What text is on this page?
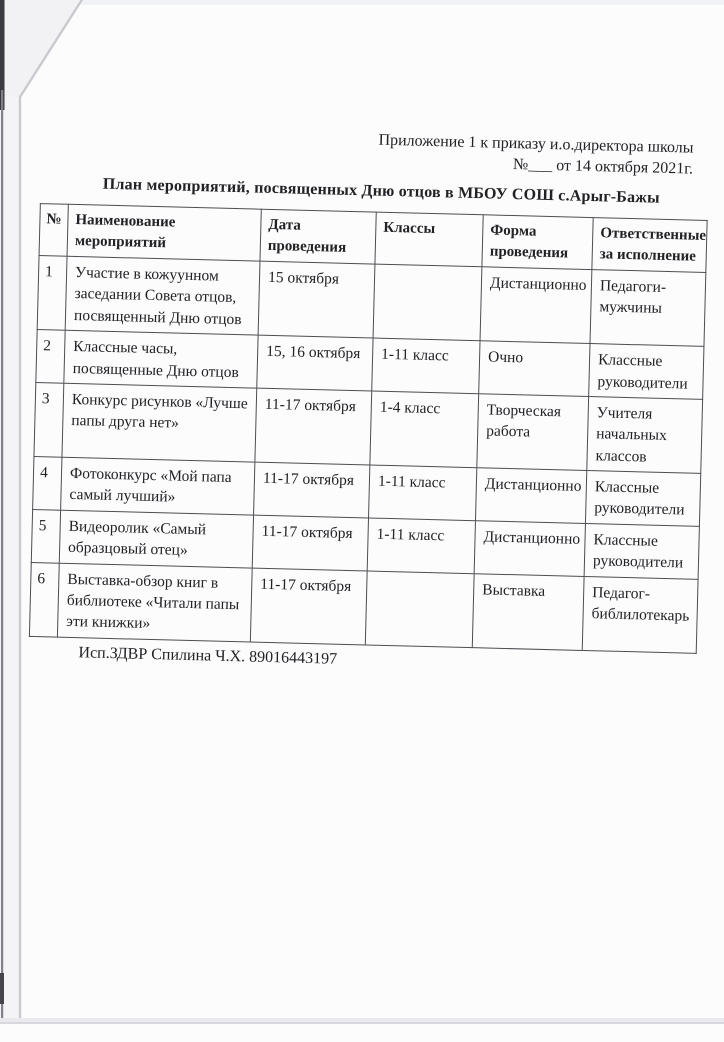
Приложение 1 к приказу и.о.директора школы
№___ от 14 октября 2021г.
План мероприятий, посвященных Дню отцов в МБОУ СОШ с.Арыг-Бажы
№	Наименование мероприятий	Дата проведения	Классы	Форма проведения	Ответственные за исполнение
1	Участие в кожуунном заседании Совета отцов, посвященный Дню отцов	15 октября		Дистанционно	Педагоги-мужчины
2	Классные часы, посвященные Дню отцов	15, 16 октября	1-11 класс	Очно	Классные руководители
3	Конкурс рисунков «Лучше папы друга нет»	11-17 октября	1-4 класс	Творческая работа	Учителя начальных классов
4	Фотоконкурс «Мой папа самый лучший»	11-17 октября	1-11 класс	Дистанционно	Классные руководители
5	Видеоролик «Самый образцовый отец»	11-17 октября	1-11 класс	Дистанционно	Классные руководители
6	Выставка-обзор книг в библиотеке «Читали папы эти книжки»	11-17 октября		Выставка	Педагог-библилотекарь
Исп.ЗДВР Спилина Ч.Х. 89016443197
